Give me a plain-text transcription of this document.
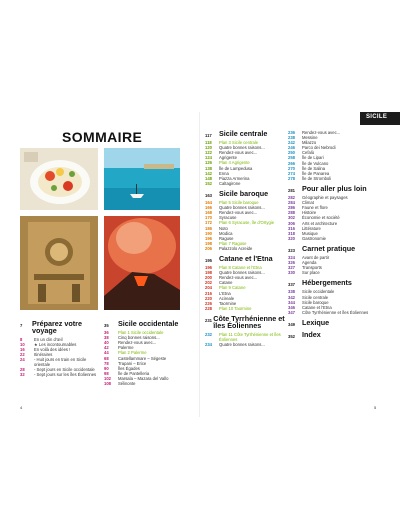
SICILE
SOMMAIRE
7	Préparez votre voyage
8	En un clin d'œil
10	★ Les incontournables
16	En voilà des idées !
22	Itinéraires
24	- Huit jours en train en Sicile orientale
28	- Sept jours en Sicile occidentale
32	- Sept jours sur les îles Éoliennes
35	Sicile occidentale
36	Plan 1 Sicile occidentale
38	Cinq bonnes raisons...
40	Rendez-vous avec...
42	Palerme
44	Plan 2 Palerme
68	Castellammare – Ségeste
78	Trapani – Erice
90	Îles Égades
98	Île de Pantelleria
102	Marsala – Mazara del Vallo
108	Sélinonte
117	Sicile centrale
118	Plan 3 Sicile centrale
120	Quatre bonnes raisons...
122	Rendez-vous avec...
124	Agrigente
126	Plan 4 Agrigente
138	Île de Lampedusa
142	Enna
148	Piazza Armerina
152	Caltagirone
163 Sicile baroque
164	Plan 5 Sicile baroque
166	Quatre bonnes raisons...
168	Rendez-vous avec...
170	Syracuse
172	Plan 6 Syracuse, île d'Ortygie
186	Noto
190	Modica
196	Raguse
198	Plan 7 Raguse
206	Palazzolo Acreide
195 Catane et l'Etna
196	Plan 8 Catane et l'Etna
198	Quatre bonnes raisons...
200	Rendez-vous avec...
202	Catane
204	Plan 9 Catane
216	L'Etna
220	Acireale
226	Taormine
228	Plan 10 Taormine
231 Côte Tyrrhénienne et îles Éoliennes
232	Plan 11 Côte Tyrrhénienne et îles Éoliennes
234	Quatre bonnes raisons...
236	Rendez-vous avec...
238	Messine
242	Milazzo
246	Parco dei Nebrodi
250	Cefalù
258	Île de Lipari
266	Île de Vulcano
270	Île de Salina
274	Île de Panarea
278	Île de Stromboli
281 Pour aller plus loin
282	Géographie et paysages
284	Climat
286	Faune et flore
288	Histoire
302	Économie et société
306	Arts et architecture
316	Littérature
318	Musique
320	Gastronomie
323 Carnet pratique
324	Avant de partir
326	Agenda
327	Transports
330	Sur place
337 Hébergements
338	Sicile occidentale
342	Sicile centrale
344	Sicile baroque
346	Catane et l'Etna
347	Côte Tyrrhénienne et îles Éoliennes
349 Lexique
352 Index
4	5
